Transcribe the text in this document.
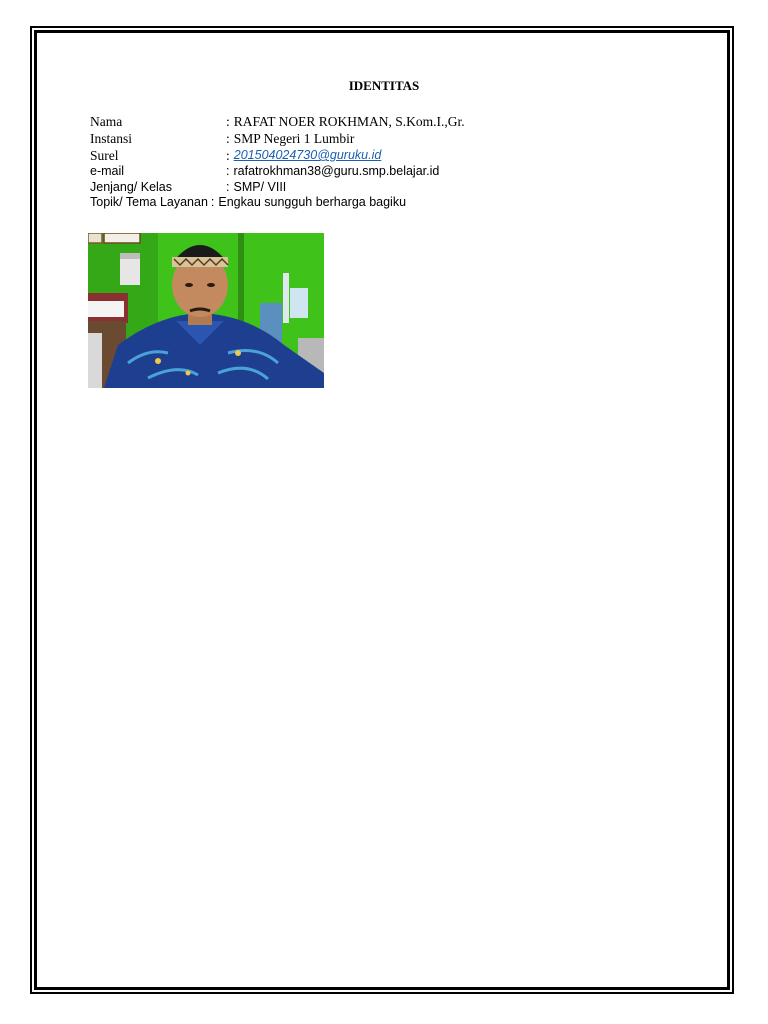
IDENTITAS
Nama	: RAFAT NOER ROKHMAN, S.Kom.I.,Gr.
Instansi	: SMP Negeri 1 Lumbir
Surel	: 201504024730@guruku.id
e-mail	: rafatrokhman38@guru.smp.belajar.id
Jenjang/ Kelas	: SMP/ VIII
Topik/ Tema Layanan : Engkau sungguh berharga bagiku
